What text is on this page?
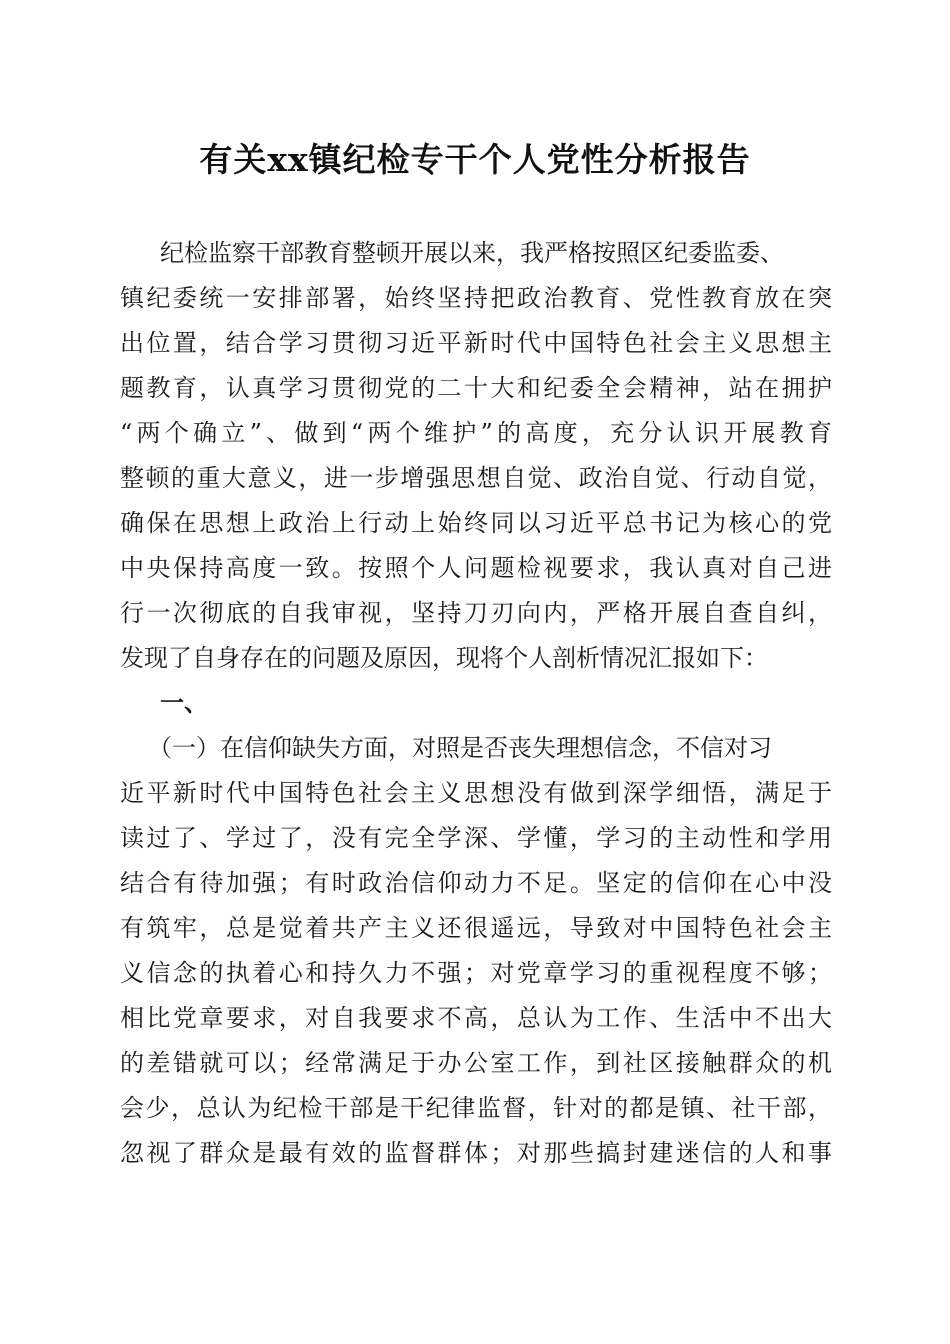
有关xx镇纪检专干个人党性分析报告
纪检监察干部教育整顿开展以来，我严格按照区纪委监委、
镇纪委统一安排部署，始终坚持把政治教育、党性教育放在突
出位置，结合学习贯彻习近平新时代中国特色社会主义思想主
题教育，认真学习贯彻党的二十大和纪委全会精神，站在拥护
“两个确立”、做到“两个维护”的高度，充分认识开展教育
整顿的重大意义，进一步增强思想自觉、政治自觉、行动自觉，
确保在思想上政治上行动上始终同以习近平总书记为核心的党
中央保持高度一致。按照个人问题检视要求，我认真对自己进
行一次彻底的自我审视，坚持刀刃向内，严格开展自查自纠，
发现了自身存在的问题及原因，现将个人剖析情况汇报如下：
一、
（一）在信仰缺失方面，对照是否丧失理想信念，不信对习
近平新时代中国特色社会主义思想没有做到深学细悟，满足于
读过了、学过了，没有完全学深、学懂，学习的主动性和学用
结合有待加强；有时政治信仰动力不足。坚定的信仰在心中没
有筑牢，总是觉着共产主义还很遥远，导致对中国特色社会主
义信念的执着心和持久力不强；对党章学习的重视程度不够；
相比党章要求，对自我要求不高，总认为工作、生活中不出大
的差错就可以；经常满足于办公室工作，到社区接触群众的机
会少，总认为纪检干部是干纪律监督，针对的都是镇、社干部，
忽视了群众是最有效的监督群体；对那些搞封建迷信的人和事
